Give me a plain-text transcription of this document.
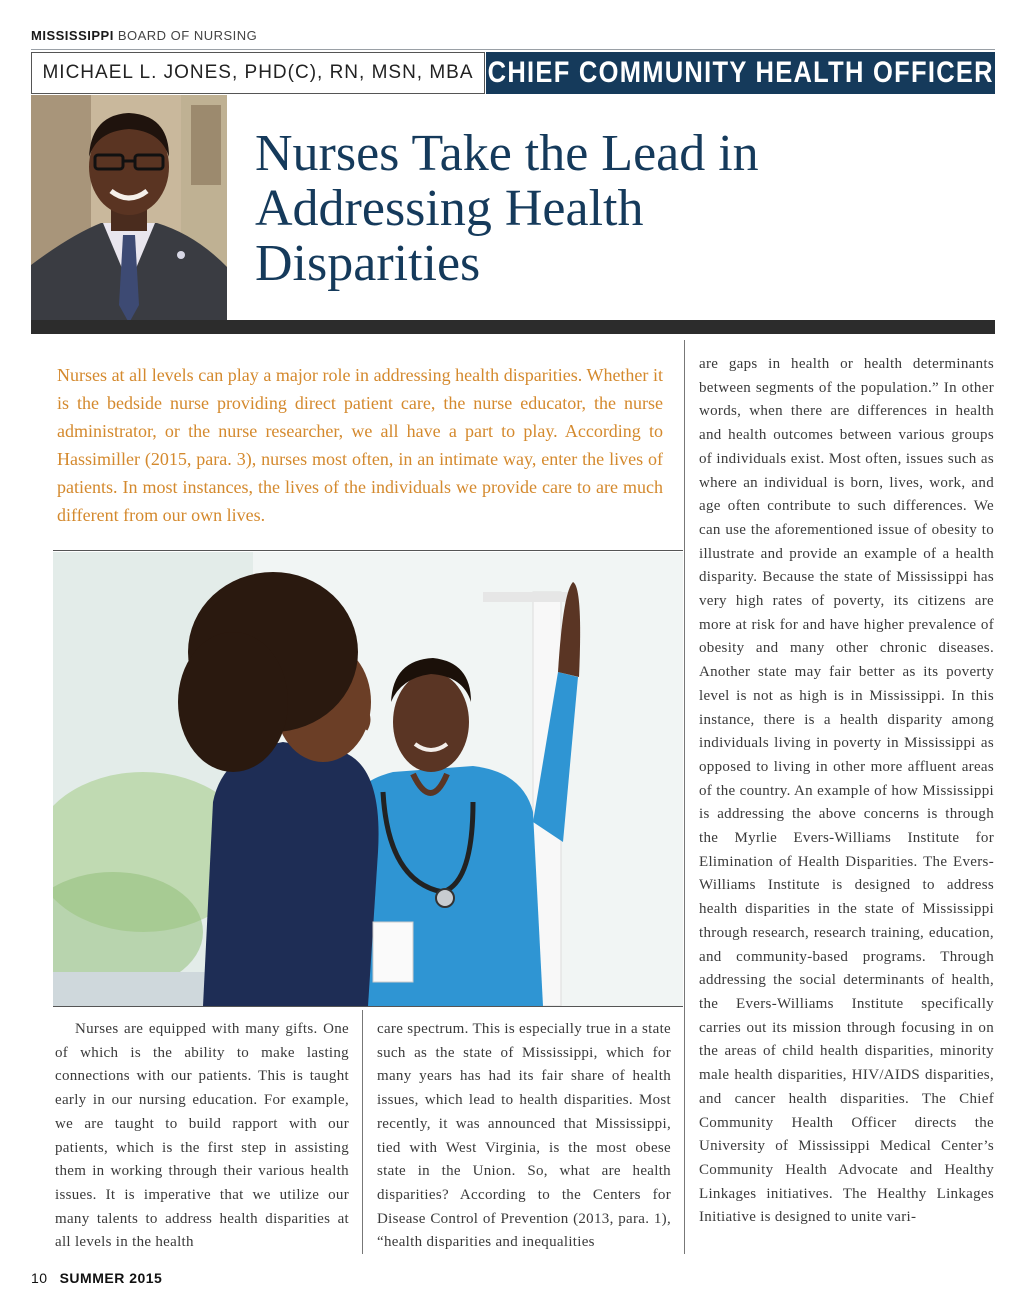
MISSISSIPPI BOARD OF NURSING
MICHAEL L. JONES, PHD(C), RN, MSN, MBA CHIEF COMMUNITY HEALTH OFFICER
Nurses Take the Lead in Addressing Health Disparities
Nurses at all levels can play a major role in addressing health disparities. Whether it is the bedside nurse providing direct patient care, the nurse educator, the nurse administrator, or the nurse researcher, we all have a part to play. According to Hassimiller (2015, para. 3), nurses most often, in an intimate way, enter the lives of patients. In most instances, the lives of the individuals we provide care to are much different from our own lives.
Nurses are equipped with many gifts. One of which is the ability to make lasting connections with our patients. This is taught early in our nursing education. For example, we are taught to build rapport with our patients, which is the first step in assisting them in working through their various health issues. It is imperative that we utilize our many talents to address health disparities at all levels in the health
care spectrum. This is especially true in a state such as the state of Mississippi, which for many years has had its fair share of health issues, which lead to health disparities. Most recently, it was announced that Mississippi, tied with West Virginia, is the most obese state in the Union. So, what are health disparities? According to the Centers for Disease Control of Prevention (2013, para. 1), “health disparities and inequalities
are gaps in health or health determinants between segments of the population.” In other words, when there are differences in health and health outcomes between various groups of individuals exist. Most often, issues such as where an individual is born, lives, work, and age often contribute to such differences. We can use the aforementioned issue of obesity to illustrate and provide an example of a health disparity. Because the state of Mississippi has very high rates of poverty, its citizens are more at risk for and have higher prevalence of obesity and many other chronic diseases. Another state may fair better as its poverty level is not as high is in Mississippi. In this instance, there is a health disparity among individuals living in poverty in Mississippi as opposed to living in other more affluent areas of the country. An example of how Mississippi is addressing the above concerns is through the Myrlie Evers-Williams Institute for Elimination of Health Disparities. The Evers-Williams Institute is designed to address health disparities in the state of Mississippi through research, research training, education, and community-based programs. Through addressing the social determinants of health, the Evers-Williams Institute specifically carries out its mission through focusing in on the areas of child health disparities, minority male health disparities, HIV/AIDS disparities, and cancer health disparities. The Chief Community Health Officer directs the University of Mississippi Medical Center’s Community Health Advocate and Healthy Linkages initiatives. The Healthy Linkages Initiative is designed to unite vari-
10 SUMMER 2015
